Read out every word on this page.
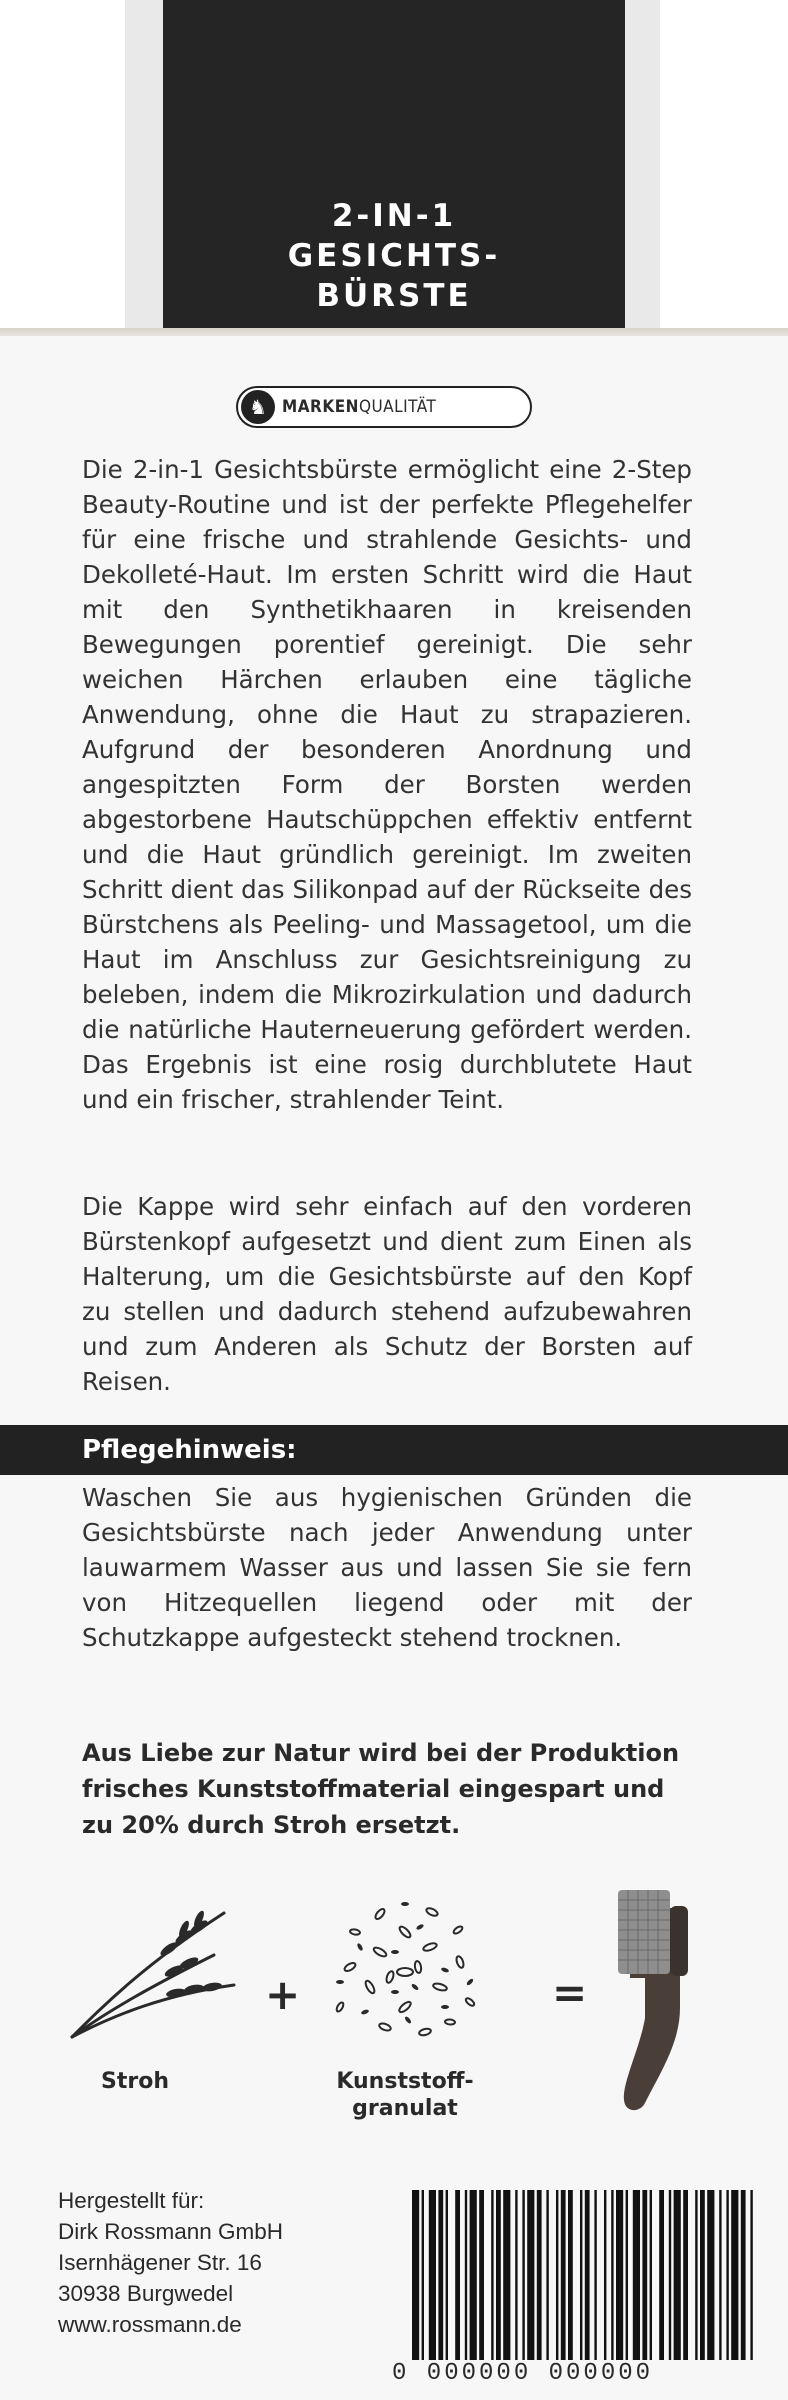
2-IN-1
GESICHTS-
BÜRSTE
♞ MARKENQUALITÄT
Die 2-in-1 Gesichtsbürste ermöglicht eine 2-Step Beauty-Routine und ist der perfekte Pflegehelfer für eine frische und strahlende Gesichts- und Dekolleté-Haut. Im ersten Schritt wird die Haut mit den Synthetikhaaren in kreisenden Bewegungen porentief gereinigt. Die sehr weichen Härchen erlauben eine tägliche Anwendung, ohne die Haut zu strapazieren. Aufgrund der besonderen Anordnung und angespitzten Form der Borsten werden abgestorbene Hautschüppchen effektiv entfernt und die Haut gründlich gereinigt. Im zweiten Schritt dient das Silikonpad auf der Rückseite des Bürstchens als Peeling- und Massagetool, um die Haut im Anschluss zur Gesichtsreinigung zu beleben, indem die Mikrozirkulation und dadurch die natürliche Hauterneuerung gefördert werden. Das Ergebnis ist eine rosig durchblutete Haut und ein frischer, strahlender Teint.
Die Kappe wird sehr einfach auf den vorderen Bürstenkopf aufgesetzt und dient zum Einen als Halterung, um die Gesichtsbürste auf den Kopf zu stellen und dadurch stehend aufzubewahren und zum Anderen als Schutz der Borsten auf Reisen.
Pflegehinweis:
Waschen Sie aus hygienischen Gründen die Gesichtsbürste nach jeder Anwendung unter lauwarmem Wasser aus und lassen Sie sie fern von Hitzequellen liegend oder mit der Schutzkappe aufgesteckt stehend trocknen.
Aus Liebe zur Natur wird bei der Produktion frisches Kunststoffmaterial eingespart und zu 20% durch Stroh ersetzt.
+	=
Stroh	Kunststoff-
granulat
Hergestellt für:
Dirk Rossmann GmbH
Isernhägener Str. 16
30938 Burgwedel
www.rossmann.de
0 000000 000000
